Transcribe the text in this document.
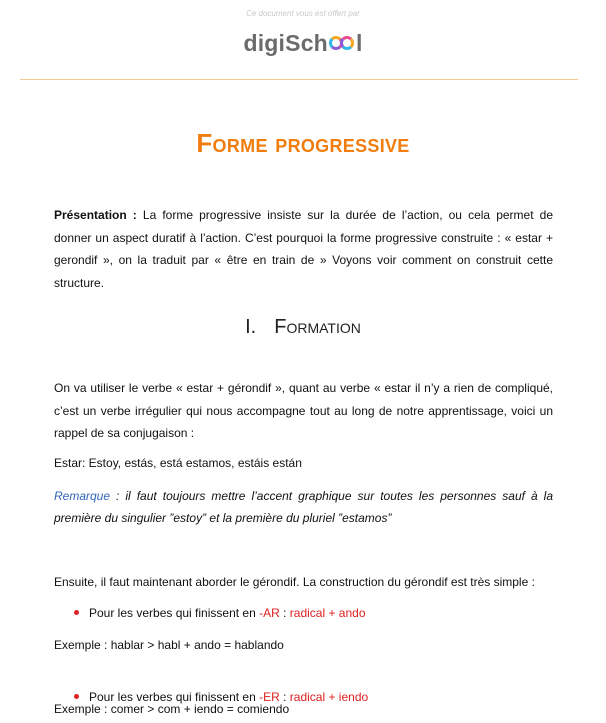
Ce document vous est offert par
digiSch l
Forme progressive

Présentation : La forme progressive insiste sur la durée de l’action, ou cela permet de donner un aspect duratif à l’action. C’est pourquoi la forme progressive construite : « estar + gerondif », on la traduit par « être en train de » Voyons voir comment on construit cette structure.

I. Formation

On va utiliser le verbe « estar + gérondif », quant au verbe « estar il n’y a rien de compliqué, c’est un verbe irrégulier qui nous accompagne tout au long de notre apprentissage, voici un rappel de sa conjugaison :

Estar: Estoy, estás, está estamos, estáis están

Remarque : il faut toujours mettre l’accent graphique sur toutes les personnes sauf à la première du singulier ”estoy” et la première du pluriel ”estamos”

Ensuite, il faut maintenant aborder le gérondif. La construction du gérondif est très simple :
Pour les verbes qui finissent en -AR : radical + ando
Exemple : hablar > habl + ando = hablando
Pour les verbes qui finissent en -ER : radical + iendo
Exemple : comer > com + iendo = comiendo
